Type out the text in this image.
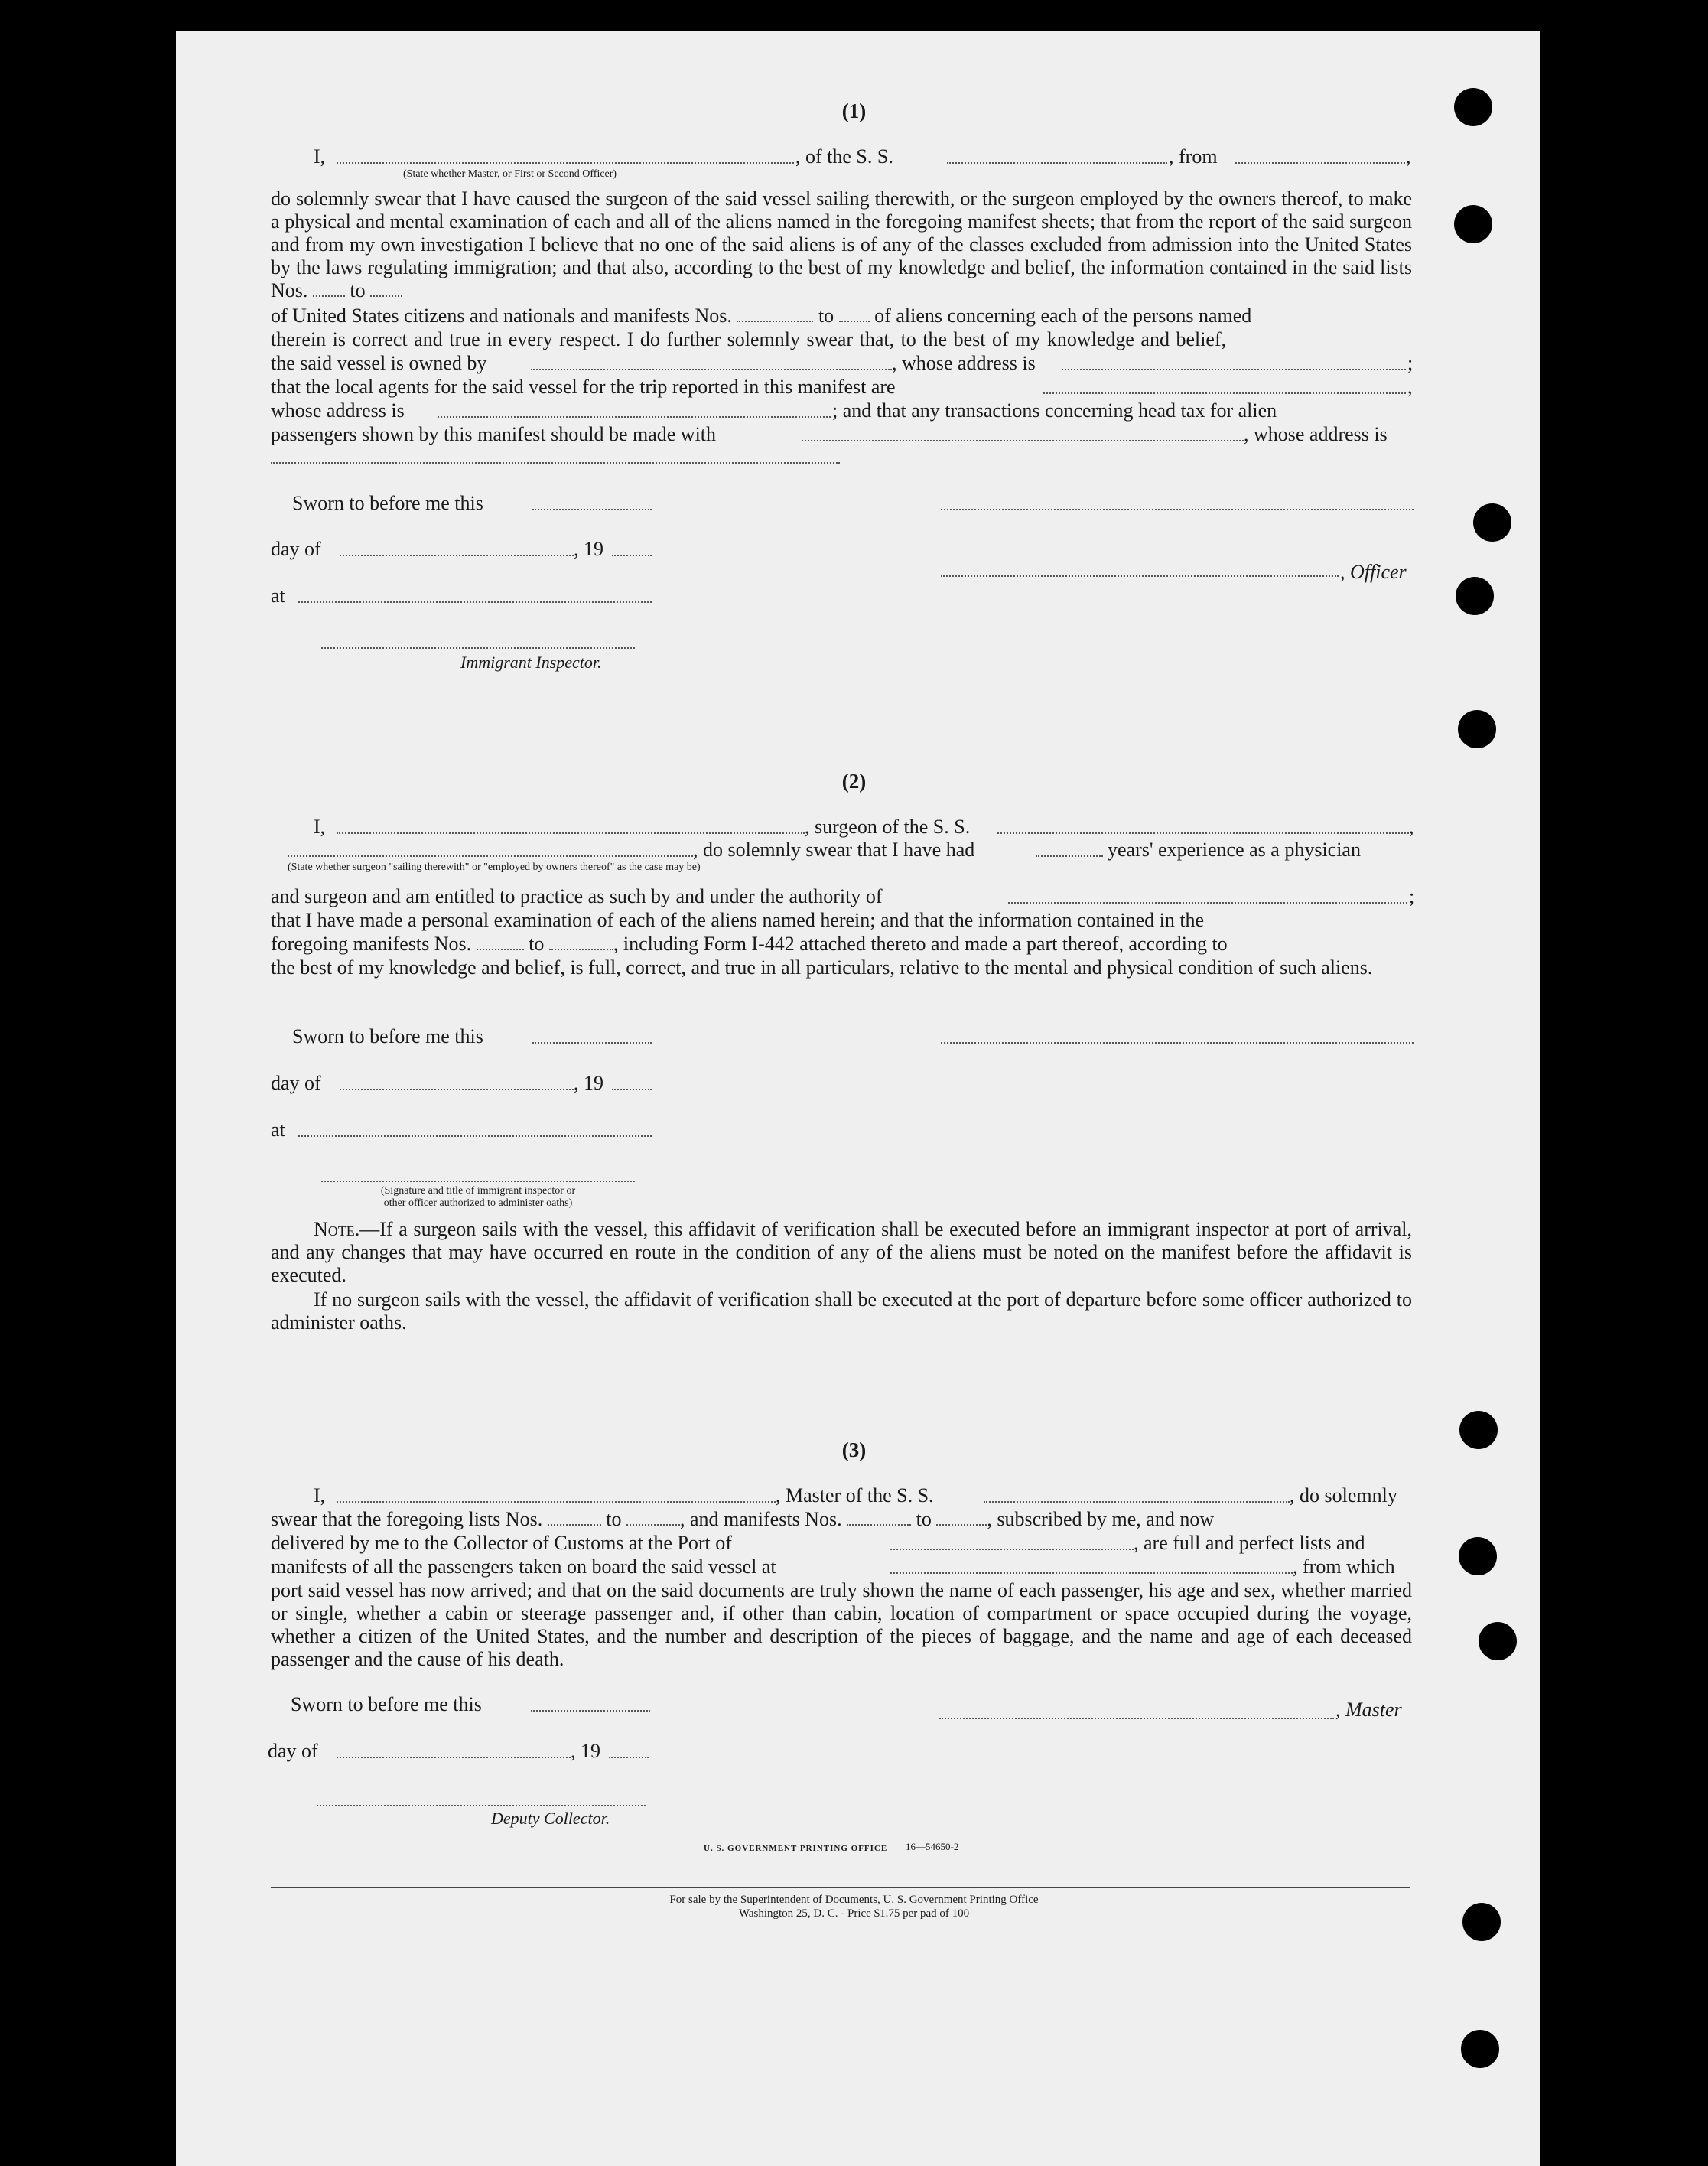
(1)
I,	, of the S. S.	, from	,
(State whether Master, or First or Second Officer)
do solemnly swear that I have caused the surgeon of the said vessel sailing therewith, or the surgeon employed by the owners thereof, to make a physical and mental examination of each and all of the aliens named in the foregoing manifest sheets; that from the report of the said surgeon and from my own investigation I believe that no one of the said aliens is of any of the classes excluded from admission into the United States by the laws regulating immigration; and that also, according to the best of my knowledge and belief, the information contained in the said lists Nos. to
of United States citizens and nationals and manifests Nos.	to of aliens concerning each of the persons named
therein is correct and true in every respect. I do further solemnly swear that, to the best of my knowledge and belief,
the said vessel is owned by	, whose address is	;
that the local agents for the said vessel for the trip reported in this manifest are	,
whose address is	; and that any transactions concerning head tax for alien
passengers shown by this manifest should be made with	, whose address is
Sworn to before me this
day of	, 19
, Officer
at
Immigrant Inspector.
(2)
I,	, surgeon of the S. S.	,
, do solemnly swear that I have had	years' experience as a physician
(State whether surgeon "sailing therewith" or "employed by owners thereof" as the case may be)
and surgeon and am entitled to practice as such by and under the authority of	;
that I have made a personal examination of each of the aliens named herein; and that the information contained in the
foregoing manifests Nos.	to	, including Form I-442 attached thereto and made a part thereof, according to
the best of my knowledge and belief, is full, correct, and true in all particulars, relative to the mental and physical condition of such aliens.
Sworn to before me this
day of	, 19
at
(Signature and title of immigrant inspector or
other officer authorized to administer oaths)
Note.—If a surgeon sails with the vessel, this affidavit of verification shall be executed before an immigrant inspector at port of arrival, and any changes that may have occurred en route in the condition of any of the aliens must be noted on the manifest before the affidavit is executed.
If no surgeon sails with the vessel, the affidavit of verification shall be executed at the port of departure before some officer authorized to administer oaths.
(3)
I,	, Master of the S. S.	, do solemnly
swear that the foregoing lists Nos.	to	, and manifests Nos.	to	, subscribed by me, and now
delivered by me to the Collector of Customs at the Port of	, are full and perfect lists and
manifests of all the passengers taken on board the said vessel at	, from which
port said vessel has now arrived; and that on the said documents are truly shown the name of each passenger, his age and sex, whether married or single, whether a cabin or steerage passenger and, if other than cabin, location of compartment or space occupied during the voyage, whether a citizen of the United States, and the number and description of the pieces of baggage, and the name and age of each deceased passenger and the cause of his death.
Sworn to before me this	, Master
day of	, 19
Deputy Collector.
U. S. GOVERNMENT PRINTING OFFICE 16—54650-2
For sale by the Superintendent of Documents, U. S. Government Printing Office
Washington 25, D. C. - Price $1.75 per pad of 100
